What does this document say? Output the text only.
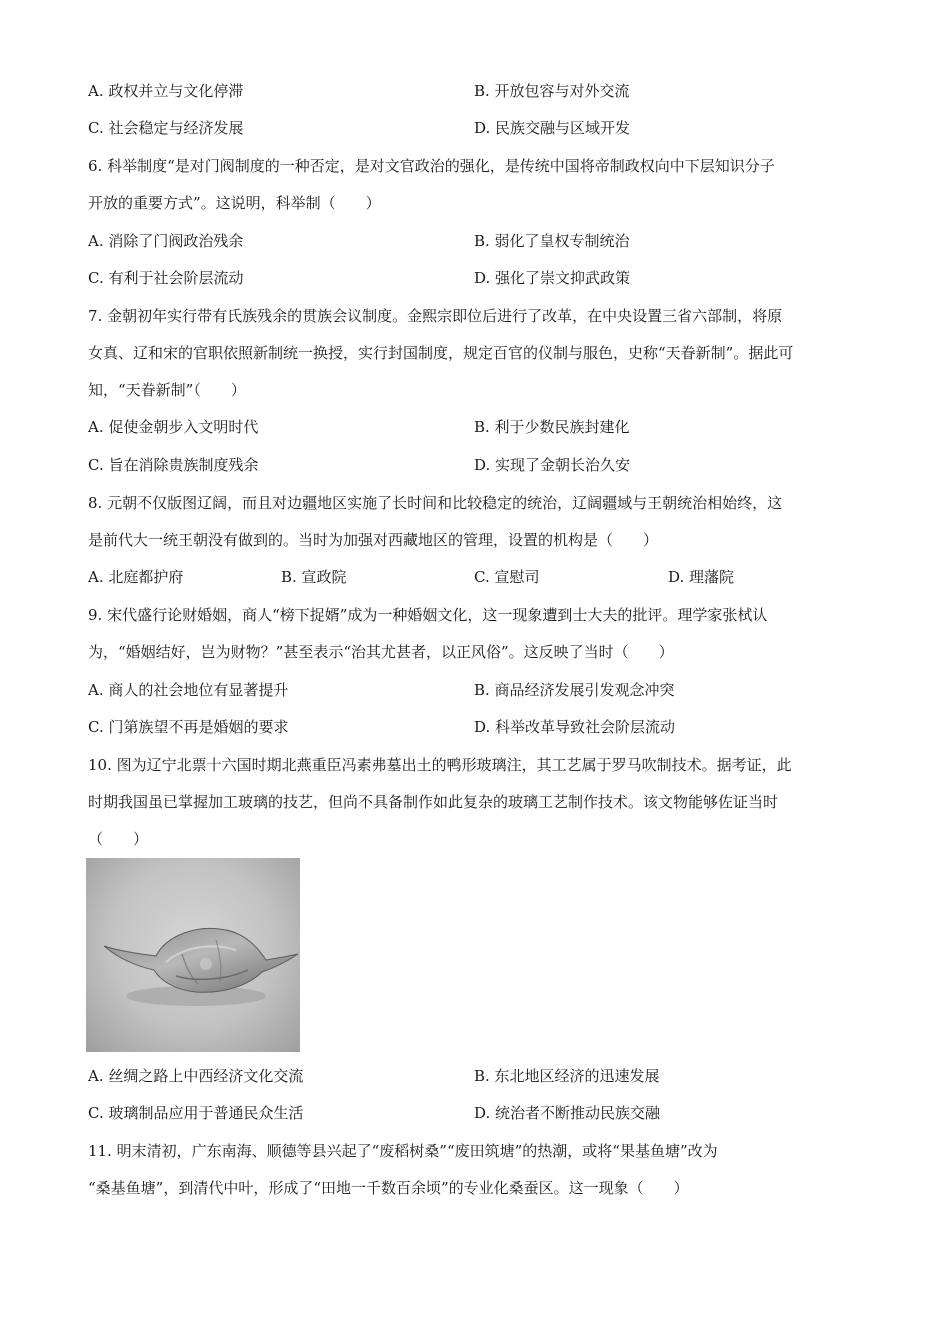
A. 政权并立与文化停滞	B. 开放包容与对外交流
C. 社会稳定与经济发展	D. 民族交融与区域开发
6. 科举制度“是对门阀制度的一种否定，是对文官政治的强化，是传统中国将帝制政权向中下层知识分子
开放的重要方式”。这说明，科举制（　　）
A. 消除了门阀政治残余	B. 弱化了皇权专制统治
C. 有利于社会阶层流动	D. 强化了崇文抑武政策
7. 金朝初年实行带有氏族残余的贯族会议制度。金熙宗即位后进行了改革，在中央设置三省六部制，将原
女真、辽和宋的官职依照新制统一换授，实行封国制度，规定百官的仪制与服色，史称“天眷新制”。据此可
知，“天眷新制”（　　）
A. 促使金朝步入文明时代	B. 利于少数民族封建化
C. 旨在消除贵族制度残余	D. 实现了金朝长治久安
8. 元朝不仅版图辽阔，而且对边疆地区实施了长时间和比较稳定的统治，辽阔疆域与王朝统治相始终，这
是前代大一统王朝没有做到的。当时为加强对西藏地区的管理，设置的机构是（　　）
A. 北庭都护府	B. 宣政院	C. 宣慰司	D. 理藩院
9. 宋代盛行论财婚姻，商人“榜下捉婿”成为一种婚姻文化，这一现象遭到士大夫的批评。理学家张栻认
为，“婚姻结好，岂为财物？”甚至表示“治其尤甚者，以正风俗”。这反映了当时（　　）
A. 商人的社会地位有显著提升	B. 商品经济发展引发观念冲突
C. 门第族望不再是婚姻的要求	D. 科举改革导致社会阶层流动
10. 图为辽宁北票十六国时期北燕重臣冯素弗墓出土的鸭形玻璃注，其工艺属于罗马吹制技术。据考证，此
时期我国虽已掌握加工玻璃的技艺，但尚不具备制作如此复杂的玻璃工艺制作技术。该文物能够佐证当时
（　　）
A. 丝绸之路上中西经济文化交流	B. 东北地区经济的迅速发展
C. 玻璃制品应用于普通民众生活	D. 统治者不断推动民族交融
11. 明末清初，广东南海、顺德等县兴起了“废稻树桑”“废田筑塘”的热潮，或将“果基鱼塘”改为
“桑基鱼塘”，到清代中叶，形成了“田地一千数百余顷”的专业化桑蚕区。这一现象（　　）
